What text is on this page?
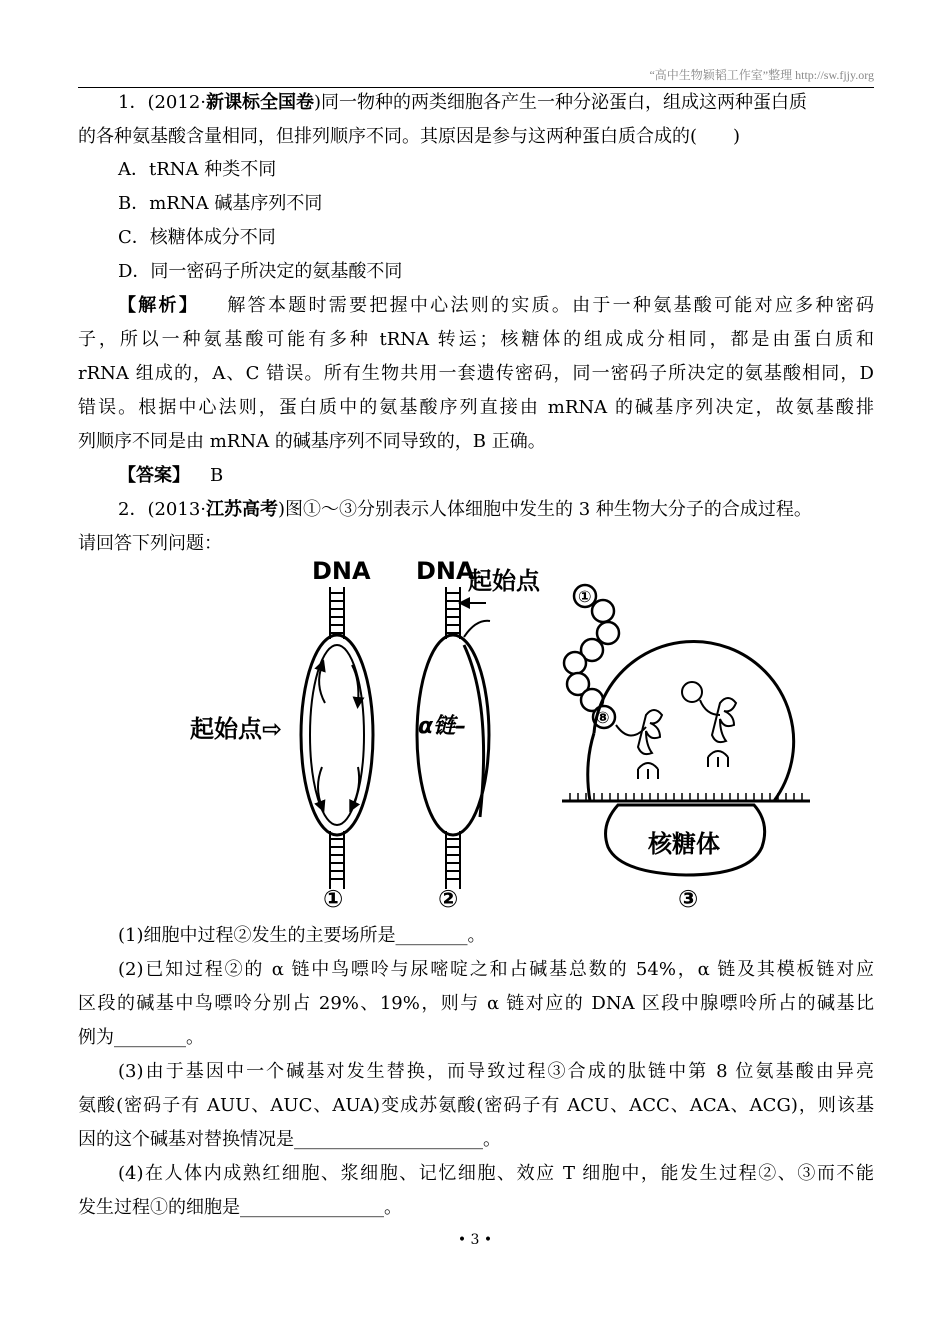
“高中生物颖韬工作室”整理 http://sw.fjjy.org
1．(2012·新课标全国卷)同一物种的两类细胞各产生一种分泌蛋白，组成这两种蛋白质
的各种氨基酸含量相同，但排列顺序不同。其原因是参与这两种蛋白质合成的(　　)
A．tRNA 种类不同
B．mRNA 碱基序列不同
C．核糖体成分不同
D．同一密码子所决定的氨基酸不同
【解析】 解答本题时需要把握中心法则的实质。由于一种氨基酸可能对应多种密码
子，所以一种氨基酸可能有多种 tRNA 转运；核糖体的组成成分相同，都是由蛋白质和
rRNA 组成的，A、C 错误。所有生物共用一套遗传密码，同一密码子所决定的氨基酸相同，D
错误。根据中心法则，蛋白质中的氨基酸序列直接由 mRNA 的碱基序列决定，故氨基酸排
列顺序不同是由 mRNA 的碱基序列不同导致的，B 正确。
【答案】 B
2．(2013·江苏高考)图①～③分别表示人体细胞中发生的 3 种生物大分子的合成过程。
请回答下列问题：
DNA
起始点⇨
①
DNA
起始点
α链–
②
①
⑧
核糖体
③
(1)细胞中过程②发生的主要场所是________。
(2)已知过程②的 α 链中鸟嘌呤与尿嘧啶之和占碱基总数的 54%，α 链及其模板链对应
区段的碱基中鸟嘌呤分别占 29%、19%，则与 α 链对应的 DNA 区段中腺嘌呤所占的碱基比
例为________。
(3)由于基因中一个碱基对发生替换，而导致过程③合成的肽链中第 8 位氨基酸由异亮
氨酸(密码子有 AUU、AUC、AUA)变成苏氨酸(密码子有 ACU、ACC、ACA、ACG)，则该基
因的这个碱基对替换情况是_____________________。
(4)在人体内成熟红细胞、浆细胞、记忆细胞、效应 T 细胞中，能发生过程②、③而不能
发生过程①的细胞是________________。
• 3 •
